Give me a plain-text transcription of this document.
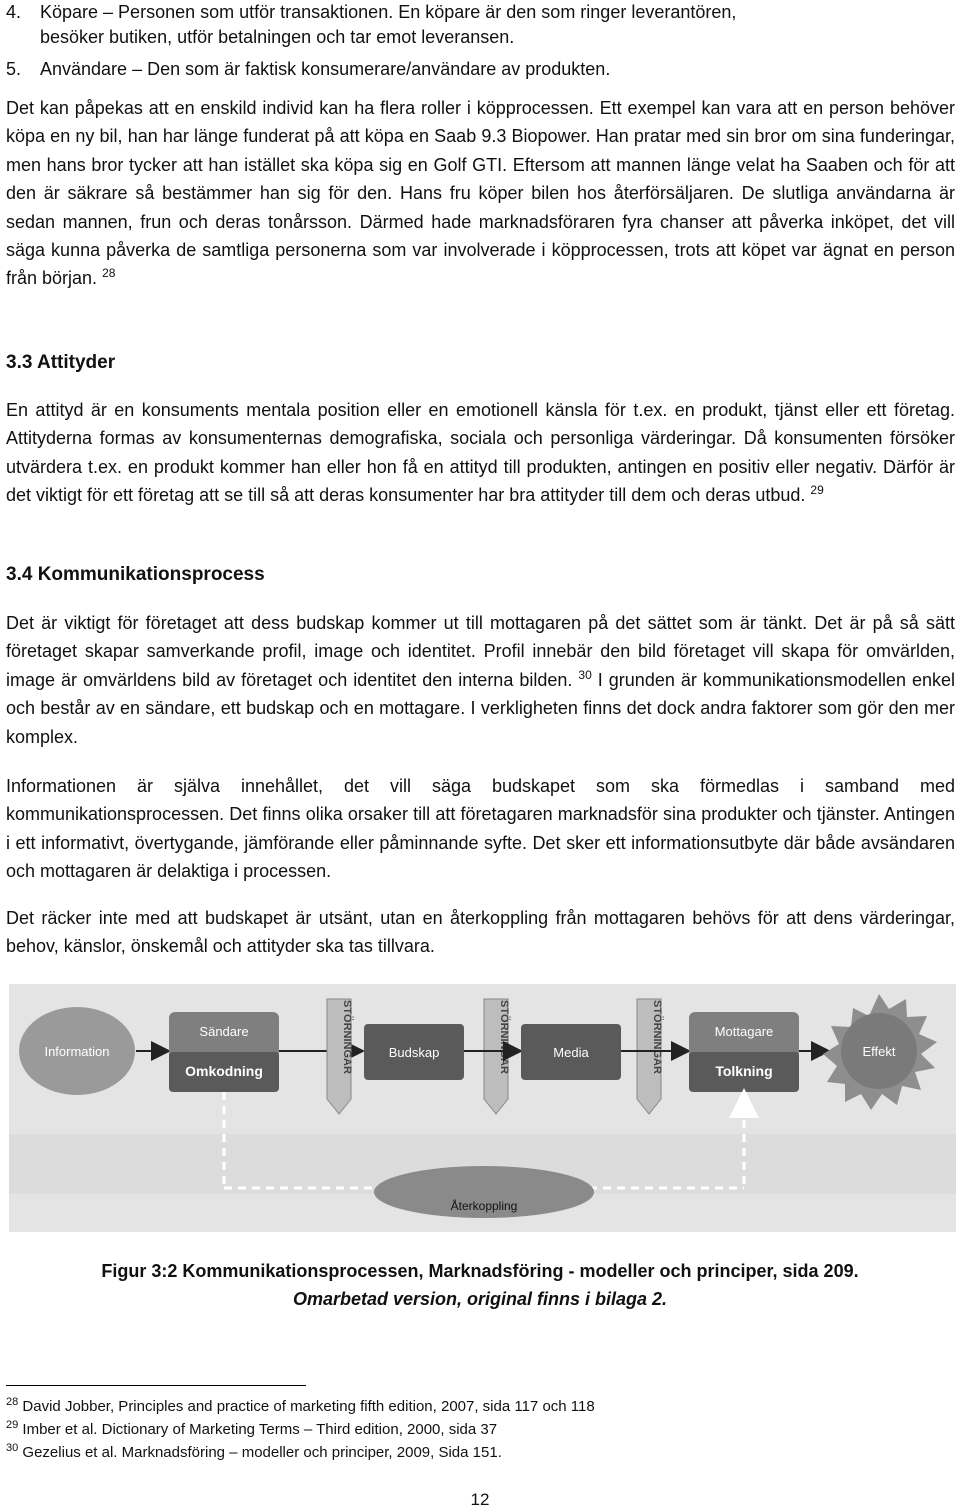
4. Köpare – Personen som utför transaktionen. En köpare är den som ringer leverantören,
besöker butiken, utför betalningen och tar emot leveransen.
5. Användare – Den som är faktisk konsumerare/användare av produkten.

Det kan påpekas att en enskild individ kan ha flera roller i köpprocessen. Ett exempel kan vara att en person behöver köpa en ny bil, han har länge funderat på att köpa en Saab 9.3 Biopower. Han pratar med sin bror om sina funderingar, men hans bror tycker att han istället ska köpa sig en Golf GTI. Eftersom att mannen länge velat ha Saaben och för att den är säkrare så bestämmer han sig för den. Hans fru köper bilen hos återförsäljaren. De slutliga användarna är sedan mannen, frun och deras tonårsson. Därmed hade marknadsföraren fyra chanser att påverka inköpet, det vill säga kunna påverka de samtliga personerna som var involverade i köpprocessen, trots att köpet var ägnat en person från början. $^{28}$

3.3 Attityder

En attityd är en konsuments mentala position eller en emotionell känsla för t.ex. en produkt, tjänst eller ett företag. Attityderna formas av konsumenternas demografiska, sociala och personliga värderingar. Då konsumenten försöker utvärdera t.ex. en produkt kommer han eller hon få en attityd till produkten, antingen en positiv eller negativ. Därför är det viktigt för ett företag att se till så att deras konsumenter har bra attityder till dem och deras utbud. $^{29}$

3.4 Kommunikationsprocess

Det är viktigt för företaget att dess budskap kommer ut till mottagaren på det sättet som är tänkt. Det är på så sätt företaget skapar samverkande profil, image och identitet. Profil innebär den bild företaget vill skapa för omvärlden, image är omvärldens bild av företaget och identitet den interna bilden. $^{30}$ I grunden är kommunikationsmodellen enkel och består av en sändare, ett budskap och en mottagare. I verkligheten finns det dock andra faktorer som gör den mer komplex.

Informationen är själva innehållet, det vill säga budskapet som ska förmedlas i samband med kommunikationsprocessen. Det finns olika orsaker till att företagaren marknadsför sina produkter och tjänster. Antingen i ett informativt, övertygande, jämförande eller påminnande syfte. Det sker ett informationsutbyte där både avsändaren och mottagaren är delaktiga i processen.

Det räcker inte med att budskapet är utsänt, utan en återkoppling från mottagaren behövs för att dens värderingar, behov, känslor, önskemål och attityder ska tas tillvara.

Information
Sändare
Omkodning	STÖRNINGAR	Budskap	STÖRNINGAR	Media	STÖRNINGAR	Mottagare
Tolkning
Effekt
Återkoppling

Figur 3:2 Kommunikationsprocessen, Marknadsföring - modeller och principer, sida 209.

Omarbetad version, original finns i bilaga 2.

$^{28}$ David Jobber, Principles and practice of marketing fifth edition, 2007, sida 117 och 118

$^{29}$ Imber et al. Dictionary of Marketing Terms – Third edition, 2000, sida 37

$^{30}$ Gezelius et al. Marknadsföring – modeller och principer, 2009, Sida 151.

12
